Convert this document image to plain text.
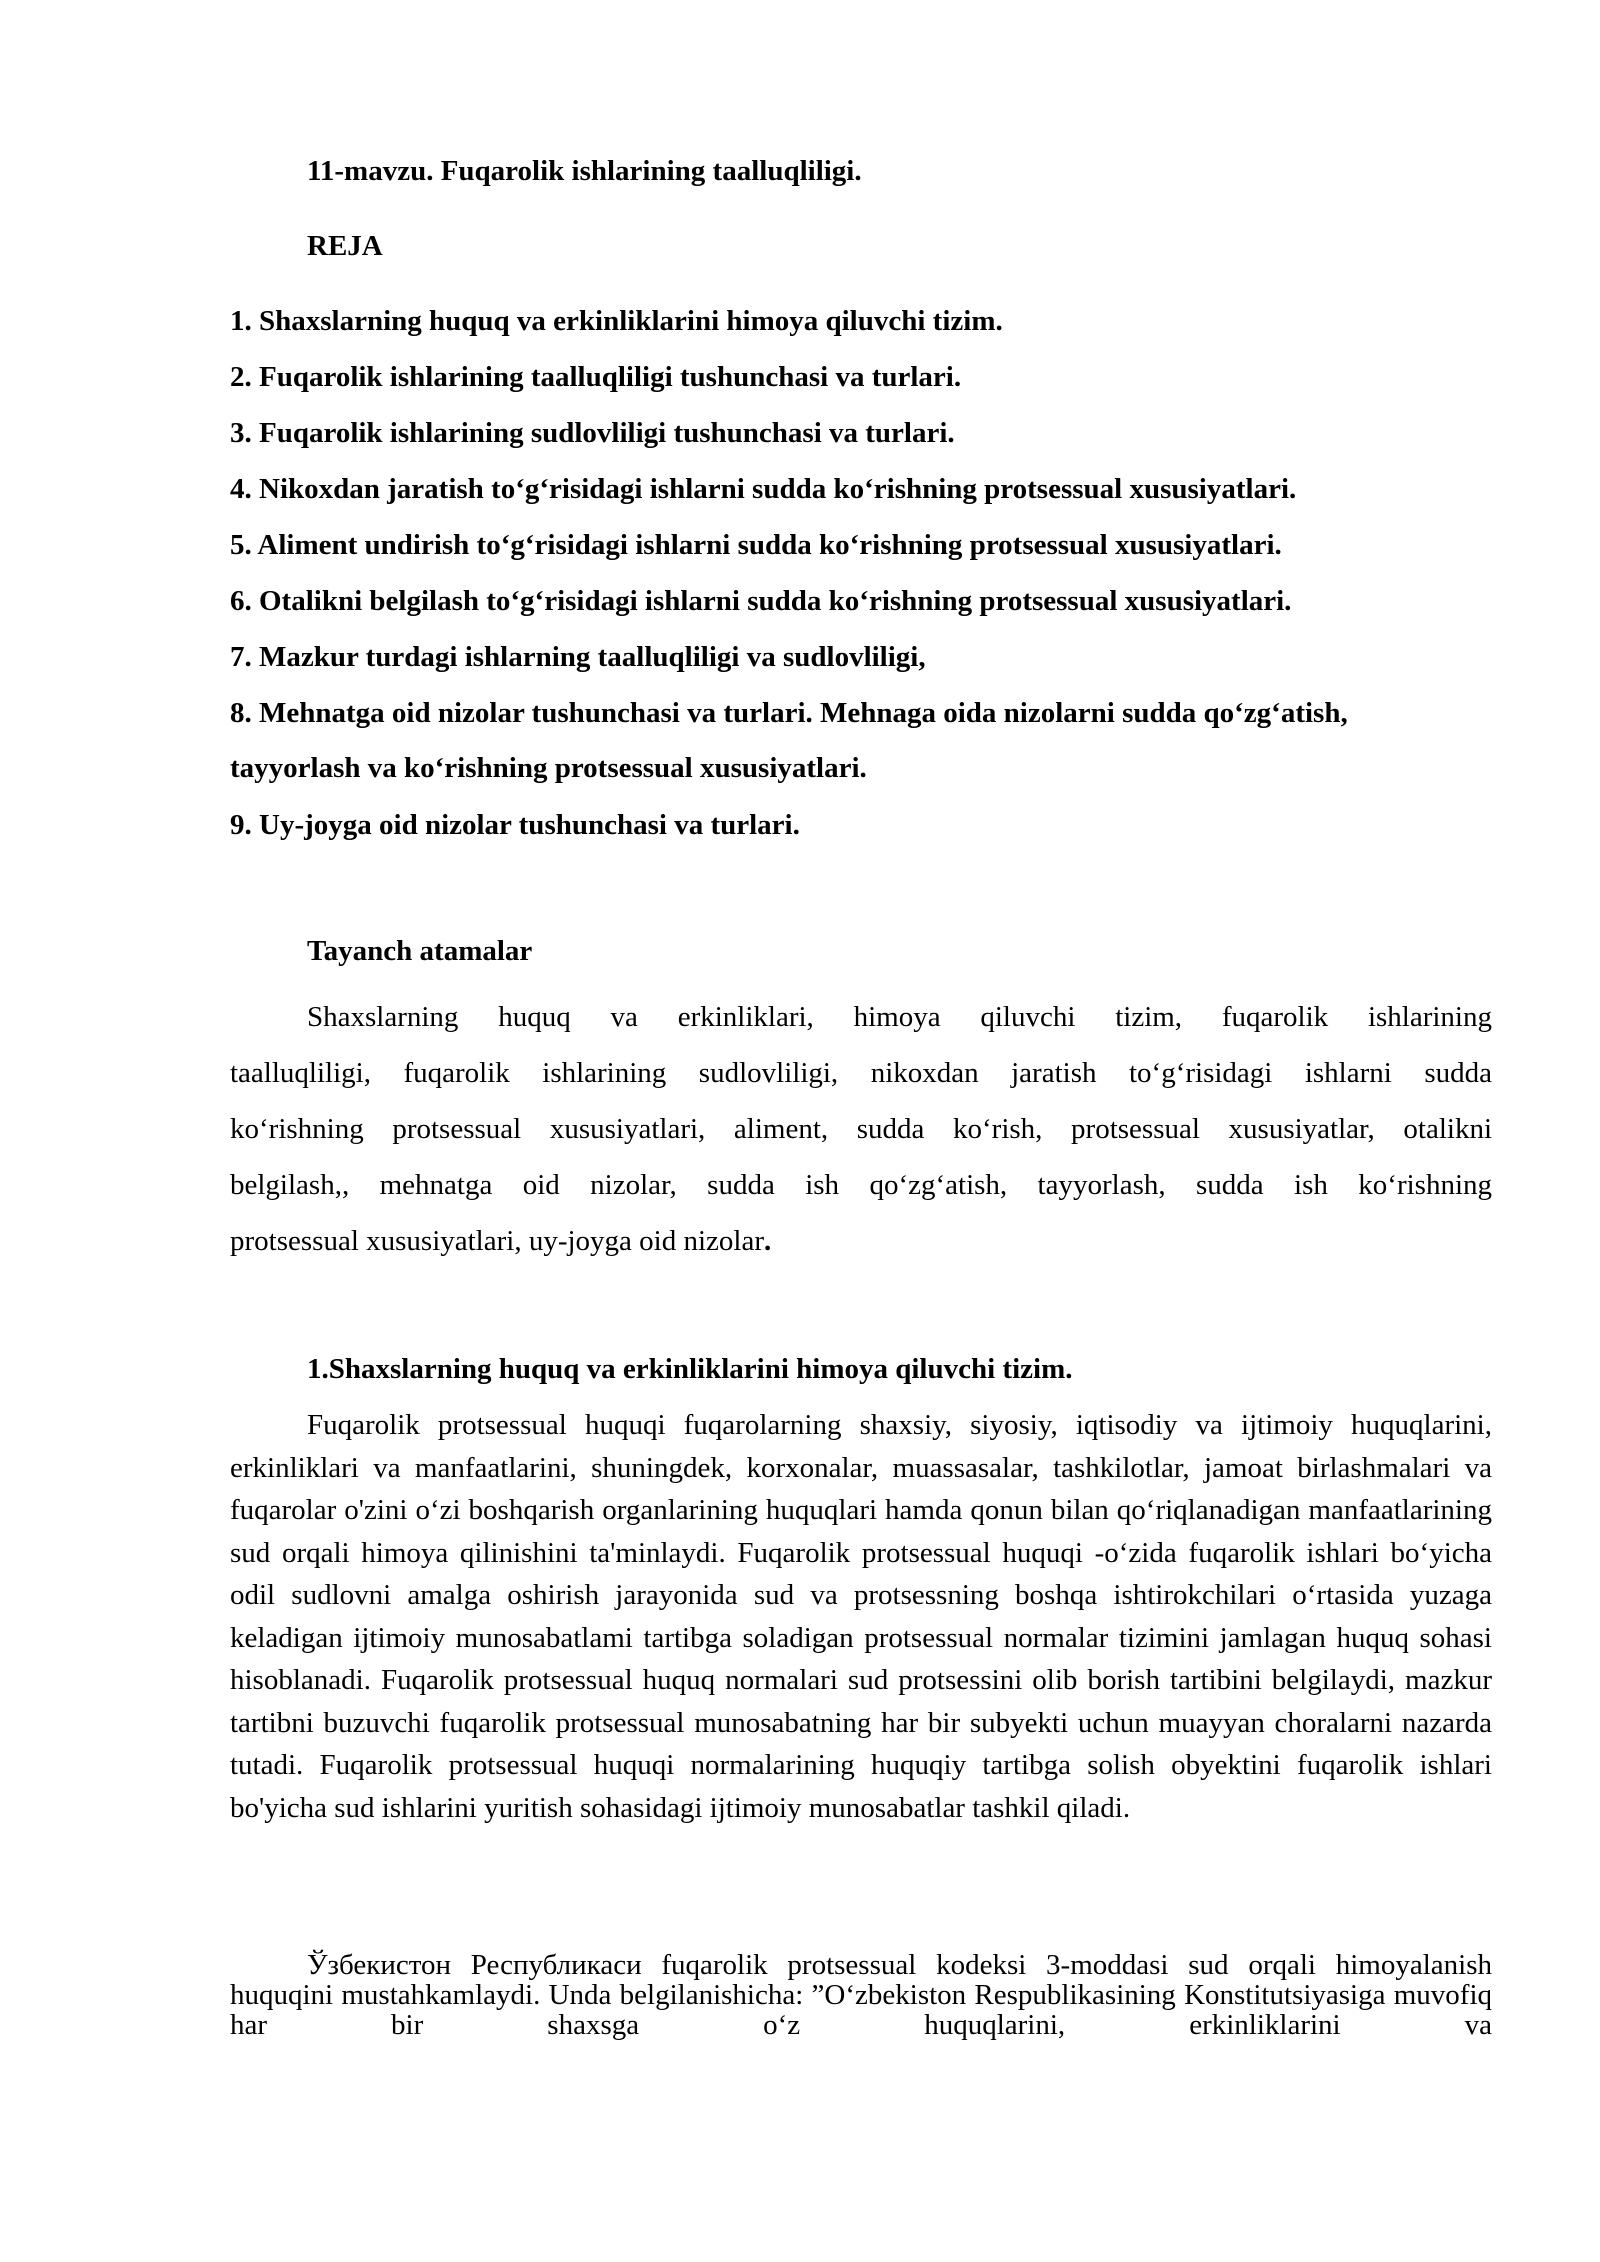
11-mavzu. Fuqarolik ishlarining taalluqliligi.
REJA
1. Shaxslarning huquq va erkinliklarini himoya qiluvchi tizim.
2. Fuqarolik ishlarining taalluqliligi tushunchasi va turlari.
3. Fuqarolik ishlarining sudlovliligi tushunchasi va turlari.
4. Nikoxdan jaratish to‘g‘risidagi ishlarni sudda ko‘rishning protsessual xususiyatlari.
5. Aliment undirish to‘g‘risidagi ishlarni sudda ko‘rishning protsessual xususiyatlari.
6. Otalikni belgilash to‘g‘risidagi ishlarni sudda ko‘rishning protsessual xususiyatlari.
7. Mazkur turdagi ishlarning taalluqliligi va sudlovliligi,
8. Mehnatga oid nizolar tushunchasi va turlari. Mehnaga oida nizolarni sudda qo‘zg‘atish,
tayyorlash va ko‘rishning protsessual xususiyatlari.
9. Uy-joyga oid nizolar tushunchasi va turlari.
Tayanch atamalar
Shaxslarning huquq va erkinliklari, himoya qiluvchi tizim, fuqarolik ishlarining
taalluqliligi, fuqarolik ishlarining sudlovliligi, nikoxdan jaratish to‘g‘risidagi ishlarni sudda
ko‘rishning protsessual xususiyatlari, aliment, sudda ko‘rish, protsessual xususiyatlar, otalikni
belgilash,, mehnatga oid nizolar, sudda ish qo‘zg‘atish, tayyorlash, sudda ish ko‘rishning
protsessual xususiyatlari, uy-joyga oid nizolar.
1.Shaxslarning huquq va erkinliklarini himoya qiluvchi tizim.
Fuqarolik protsessual huquqi fuqarolarning shaxsiy, siyosiy, iqtisodiy va ijtimoiy huquqlarini, erkinliklari va manfaatlarini, shuningdek, korxonalar, muassasalar, tashkilotlar, jamoat birlashmalari va fuqarolar o'zini o‘zi boshqarish organlarining huquqlari hamda qonun bilan qo‘riqlanadigan manfaatlarining sud orqali himoya qilinishini ta'minlaydi. Fuqarolik protsessual huquqi -o‘zida fuqarolik ishlari bo‘yicha odil sudlovni amalga oshirish jarayonida sud va protsessning boshqa ishtirokchilari o‘rtasida yuzaga keladigan ijtimoiy munosabatlami tartibga soladigan protsessual normalar tizimini jamlagan huquq sohasi hisoblanadi. Fuqarolik protsessual huquq normalari sud protsessini olib borish tartibini belgilaydi, mazkur tartibni buzuvchi fuqarolik protsessual munosabatning har bir subyekti uchun muayyan choralarni nazarda tutadi. Fuqarolik protsessual huquqi normalarining huquqiy tartibga solish obyektini fuqarolik ishlari bo'yicha sud ishlarini yuritish sohasidagi ijtimoiy munosabatlar tashkil qiladi.
Ўзбекистон Республикаси fuqarolik protsessual kodeksi 3-moddasi sud orqali himoyalanish huquqini mustahkamlaydi. Unda belgilanishicha: ”O‘zbekiston Respublikasining Konstitutsiyasiga muvofiq har bir shaxsga o‘z huquqlarini, erkinliklarini va
